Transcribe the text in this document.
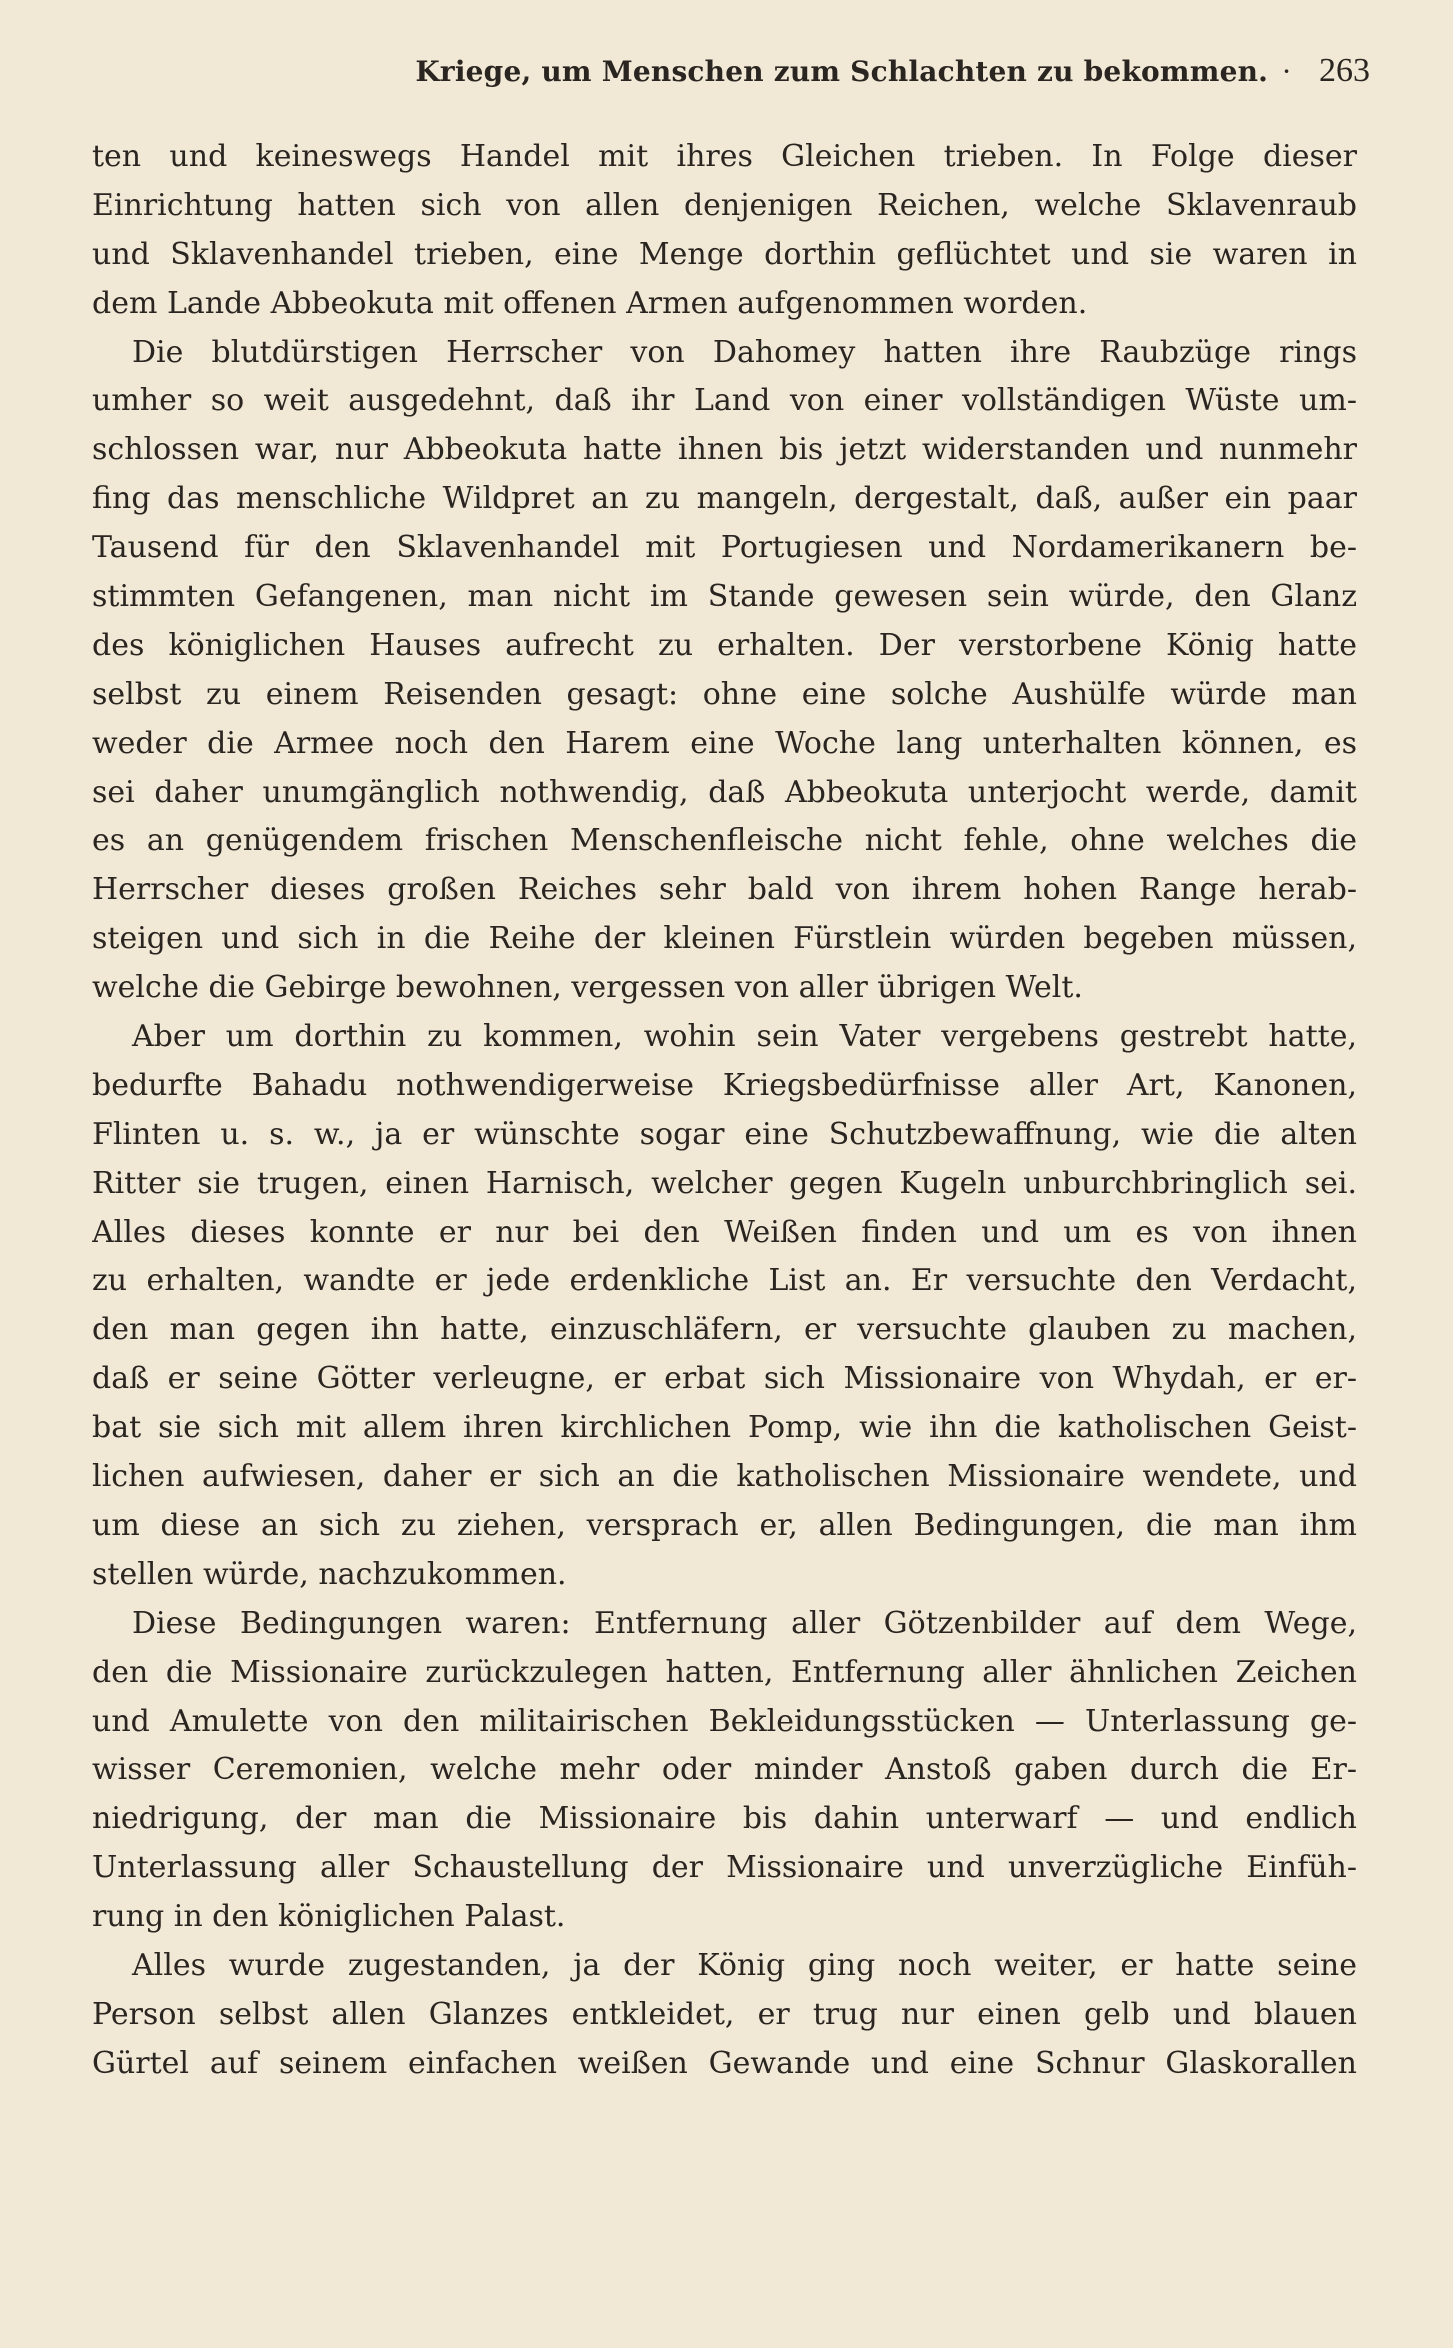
Kriege, um Menschen zum Schlachten zu bekommen. · 263
ten und keineswegs Handel mit ihres Gleichen trieben. In Folge dieser
Einrichtung hatten sich von allen denjenigen Reichen, welche Sklavenraub
und Sklavenhandel trieben, eine Menge dorthin geflüchtet und sie waren in
dem Lande Abbeokuta mit offenen Armen aufgenommen worden.
Die blutdürstigen Herrscher von Dahomey hatten ihre Raubzüge rings
umher so weit ausgedehnt, daß ihr Land von einer vollständigen Wüste um-
schlossen war, nur Abbeokuta hatte ihnen bis jetzt widerstanden und nunmehr
fing das menschliche Wildpret an zu mangeln, dergestalt, daß, außer ein paar
Tausend für den Sklavenhandel mit Portugiesen und Nordamerikanern be-
stimmten Gefangenen, man nicht im Stande gewesen sein würde, den Glanz
des königlichen Hauses aufrecht zu erhalten. Der verstorbene König hatte
selbst zu einem Reisenden gesagt: ohne eine solche Aushülfe würde man
weder die Armee noch den Harem eine Woche lang unterhalten können, es
sei daher unumgänglich nothwendig, daß Abbeokuta unterjocht werde, damit
es an genügendem frischen Menschenfleische nicht fehle, ohne welches die
Herrscher dieses großen Reiches sehr bald von ihrem hohen Range herab-
steigen und sich in die Reihe der kleinen Fürstlein würden begeben müssen,
welche die Gebirge bewohnen, vergessen von aller übrigen Welt.
Aber um dorthin zu kommen, wohin sein Vater vergebens gestrebt hatte,
bedurfte Bahadu nothwendigerweise Kriegsbedürfnisse aller Art, Kanonen,
Flinten u. s. w., ja er wünschte sogar eine Schutzbewaffnung, wie die alten
Ritter sie trugen, einen Harnisch, welcher gegen Kugeln unburchbringlich sei.
Alles dieses konnte er nur bei den Weißen finden und um es von ihnen
zu erhalten, wandte er jede erdenkliche List an. Er versuchte den Verdacht,
den man gegen ihn hatte, einzuschläfern, er versuchte glauben zu machen,
daß er seine Götter verleugne, er erbat sich Missionaire von Whydah, er er-
bat sie sich mit allem ihren kirchlichen Pomp, wie ihn die katholischen Geist-
lichen aufwiesen, daher er sich an die katholischen Missionaire wendete, und
um diese an sich zu ziehen, versprach er, allen Bedingungen, die man ihm
stellen würde, nachzukommen.
Diese Bedingungen waren: Entfernung aller Götzenbilder auf dem Wege,
den die Missionaire zurückzulegen hatten, Entfernung aller ähnlichen Zeichen
und Amulette von den militairischen Bekleidungsstücken — Unterlassung ge-
wisser Ceremonien, welche mehr oder minder Anstoß gaben durch die Er-
niedrigung, der man die Missionaire bis dahin unterwarf — und endlich
Unterlassung aller Schaustellung der Missionaire und unverzügliche Einfüh-
rung in den königlichen Palast.
Alles wurde zugestanden, ja der König ging noch weiter, er hatte seine
Person selbst allen Glanzes entkleidet, er trug nur einen gelb und blauen
Gürtel auf seinem einfachen weißen Gewande und eine Schnur Glaskorallen
